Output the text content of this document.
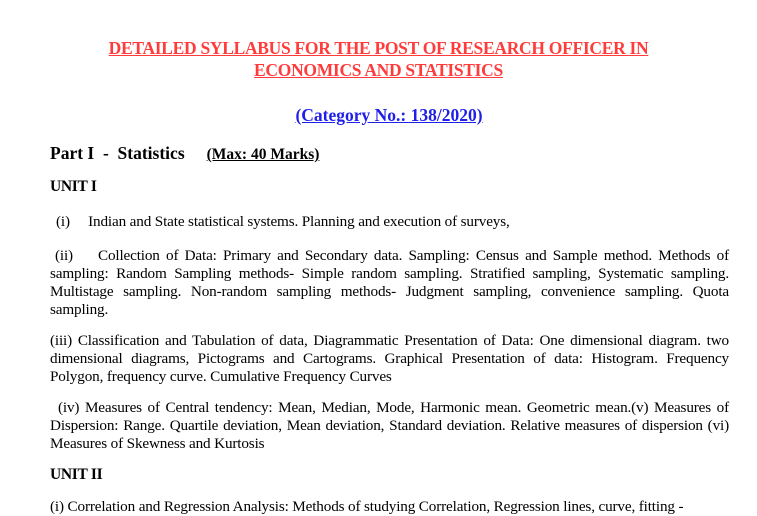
DETAILED SYLLABUS FOR THE POST OF RESEARCH OFFICER IN
ECONOMICS AND STATISTICS
(Category No.: 138/2020)
Part I  -  Statistics (Max: 40 Marks)
UNIT I
(i)     Indian and State statistical systems. Planning and execution of surveys,
(ii)    Collection of Data: Primary and Secondary data. Sampling: Census and Sample method. Methods of sampling: Random Sampling methods- Simple random sampling. Stratified sampling, Systematic sampling. Multistage sampling. Non-random sampling methods- Judgment sampling, convenience sampling. Quota sampling.
(iii) Classification and Tabulation of data, Diagrammatic Presentation of Data: One dimensional diagram. two dimensional diagrams, Pictograms and Cartograms. Graphical Presentation of data: Histogram. Frequency Polygon, frequency curve. Cumulative Frequency Curves
(iv) Measures of Central tendency: Mean, Median, Mode, Harmonic mean. Geometric mean.(v) Measures of Dispersion: Range. Quartile deviation, Mean deviation, Standard deviation. Relative measures of dispersion (vi) Measures of Skewness and Kurtosis
UNIT II
(i) Correlation and Regression Analysis: Methods of studying Correlation, Regression lines, curve, fitting -
